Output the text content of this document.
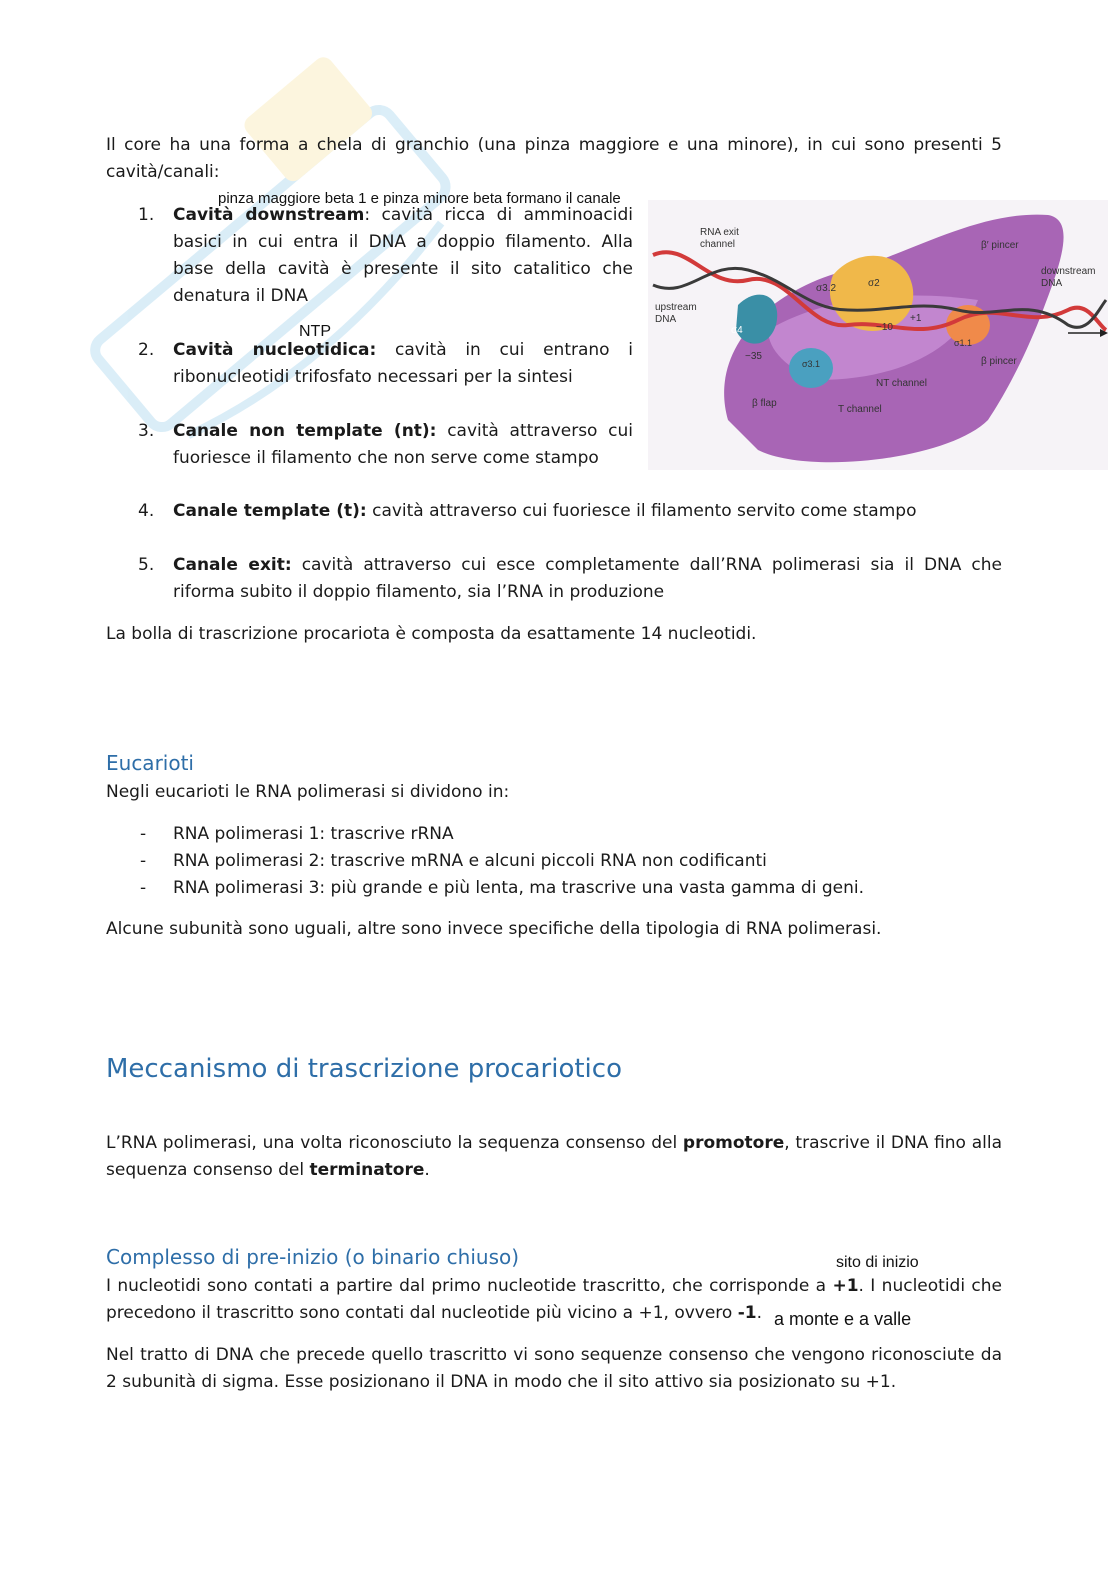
Il core ha una forma a chela di granchio (una pinza maggiore e una minore), in cui sono presenti 5 cavità/canali:

pinza maggiore beta 1 e pinza minore beta formano il canale
1.	Cavità downstream: cavità ricca di amminoacidi basici in cui entra il DNA a doppio filamento. Alla base della cavità è presente il sito catalitico che denatura il DNA
NTP
2.	Cavità nucleotidica: cavità in cui entrano i ribonucleotidi trifosfato necessari per la sintesi
3.	Canale non template (nt): cavità attraverso cui fuoriesce il filamento che non serve come stampo
4.	Canale template (t): cavità attraverso cui fuoriesce il filamento servito come stampo
5.	Canale exit: cavità attraverso cui esce completamente dall’RNA polimerasi sia il DNA che riforma subito il doppio filamento, sia l’RNA in produzione
RNA exit
channel	β′ pincer
downstream
DNA
upstream
DNA
σ3.2	σ2
−10
+1
σ1.1
σ4
−35
σ3.1	β pincer
NT channel
β flap
T channel

La bolla di trascrizione procariota è composta da esattamente 14 nucleotidi.

Eucarioti

Negli eucarioti le RNA polimerasi si dividono in:

- RNA polimerasi 1: trascrive rRNA
- RNA polimerasi 2: trascrive mRNA e alcuni piccoli RNA non codificanti
- RNA polimerasi 3: più grande e più lenta, ma trascrive una vasta gamma di geni.

Alcune subunità sono uguali, altre sono invece specifiche della tipologia di RNA polimerasi.

Meccanismo di trascrizione procariotico

L’RNA polimerasi, una volta riconosciuto la sequenza consenso del promotore, trascrive il DNA fino alla sequenza consenso del terminatore.

Complesso di pre-inizio (o binario chiuso)	sito di inizio

I nucleotidi sono contati a partire dal primo nucleotide trascritto, che corrisponde a +1. I nucleotidi che precedono il trascritto sono contati dal nucleotide più vicino a +1, ovvero -1. a monte e a valle

Nel tratto di DNA che precede quello trascritto vi sono sequenze consenso che vengono riconosciute da 2 subunità di sigma. Esse posizionano il DNA in modo che il sito attivo sia posizionato su +1.
